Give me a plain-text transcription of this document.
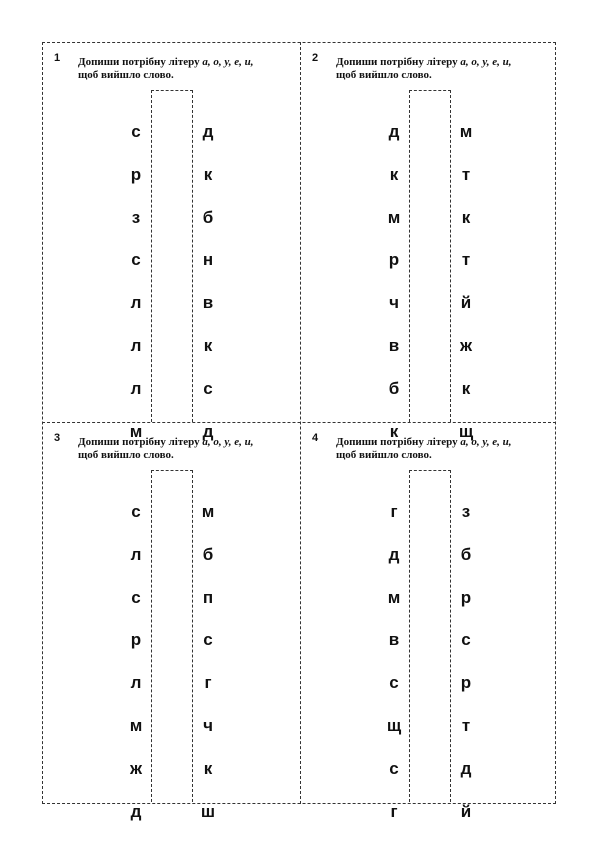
1 Допиши потрібну літеру а, о, у, е, и,
щоб вийшло слово.
с	д
р	к
з	б
с	н
л	в
л	к
л	с
м	д
2 Допиши потрібну літеру а, о, у, е, и,
щоб вийшло слово.
д	м
к	т
м	к
р	т
ч	й
в	ж
б	к
к	щ
3 Допиши потрібну літеру а, о, у, е, и,
щоб вийшло слово.
с	м
л	б
с	п
р	с
л	г
м	ч
ж	к
д	ш
4 Допиши потрібну літеру а, о, у, е, и,
щоб вийшло слово.
г	з
д	б
м	р
в	с
с	р
щ	т
с	д
г	й
